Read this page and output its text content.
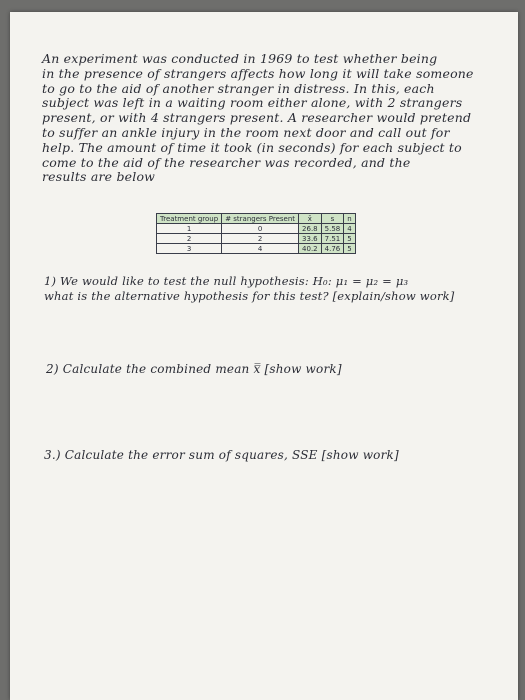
An experiment was conducted in 1969 to test whether being
in the presence of strangers affects how long it will take someone
to go to the aid of another stranger in distress. In this, each
subject was left in a waiting room either alone, with 2 strangers
present, or with 4 strangers present. A researcher would pretend
to suffer an ankle injury in the room next door and call out for
help. The amount of time it took (in seconds) for each subject to
come to the aid of the researcher was recorded, and the
results are below
Treatment group	# strangers Present	x̄	s	n
1	0	26.8	5.58	4
2	2	33.6	7.51	5
3	4	40.2	4.76	5
1) We would like to test the null hypothesis: H₀: μ₁ = μ₂ = μ₃
what is the alternative hypothesis for this test? [explain/show work]
2) Calculate the combined mean x̿ [show work]
3.) Calculate the error sum of squares, SSE [show work]
